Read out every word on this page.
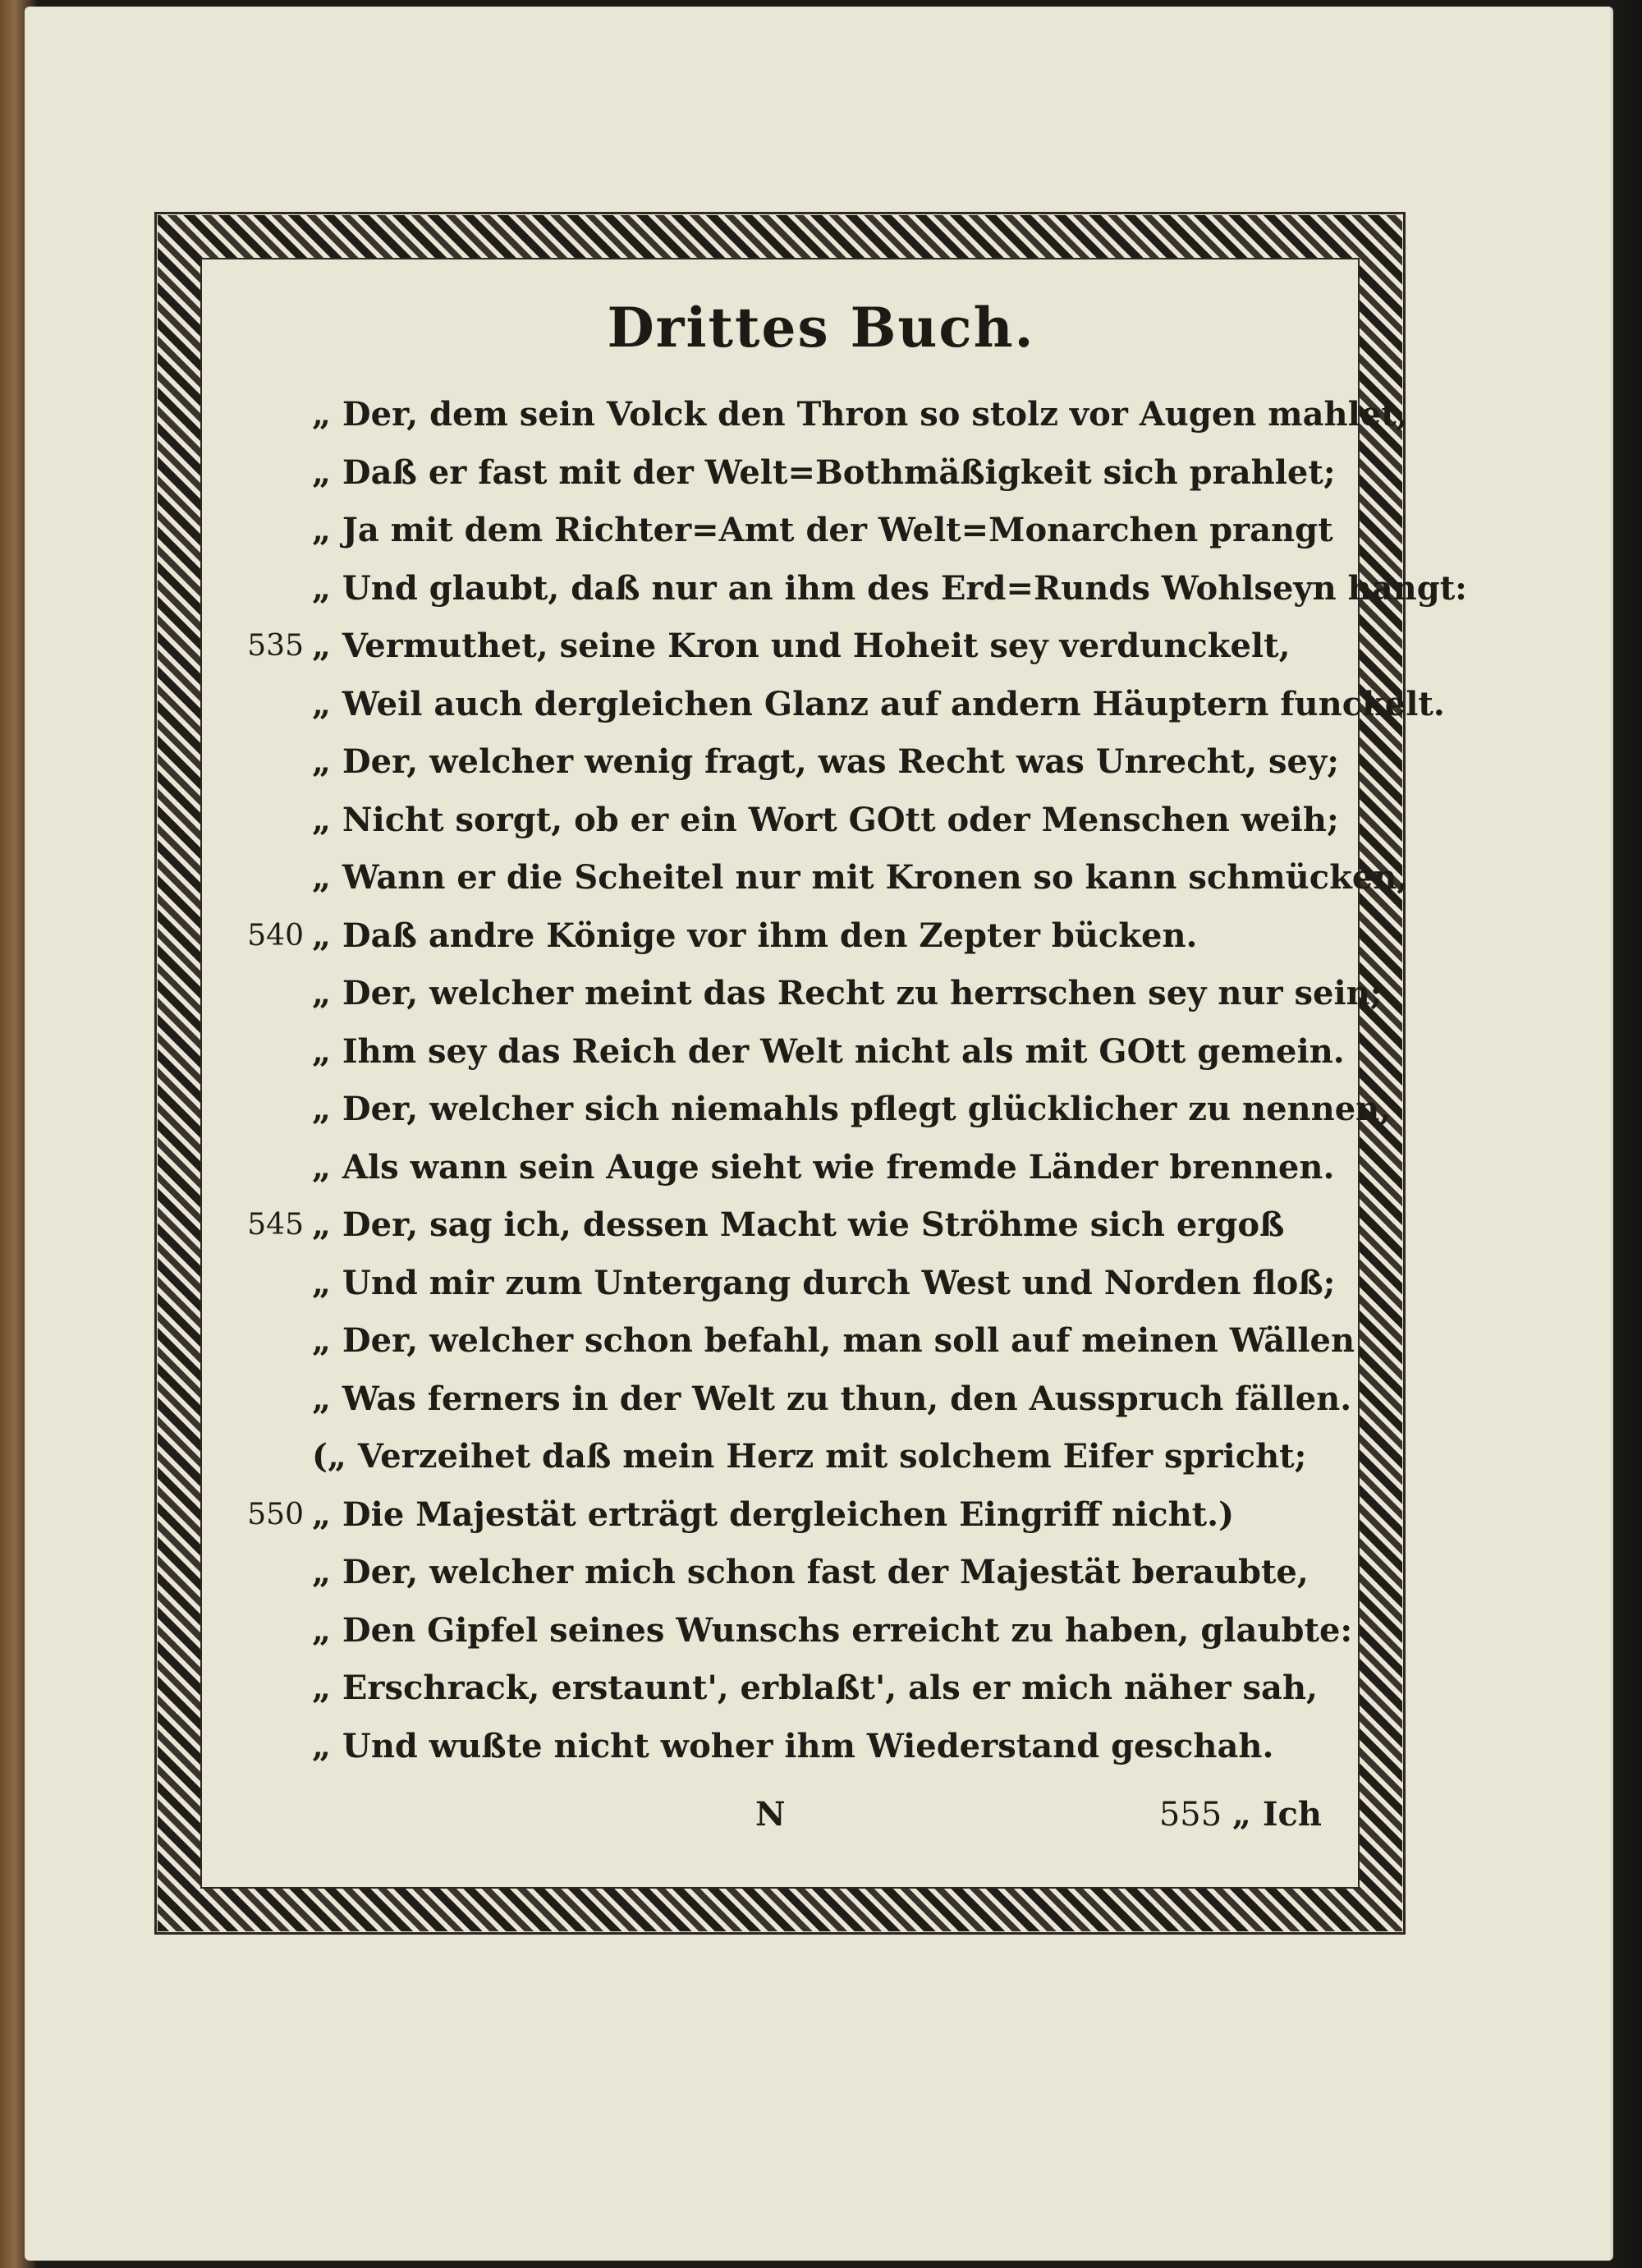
Drittes Buch.
„ Der, dem sein Volck den Thron so stolz vor Augen mahlet,
„ Daß er fast mit der Welt=Bothmäßigkeit sich prahlet;
„ Ja mit dem Richter=Amt der Welt=Monarchen prangt
„ Und glaubt, daß nur an ihm des Erd=Runds Wohlseyn hangt:
535 „ Vermuthet, seine Kron und Hoheit sey verdunckelt,
„ Weil auch dergleichen Glanz auf andern Häuptern funckelt.
„ Der, welcher wenig fragt, was Recht was Unrecht, sey;
„ Nicht sorgt, ob er ein Wort GOtt oder Menschen weih;
„ Wann er die Scheitel nur mit Kronen so kann schmücken,
540 „ Daß andre Könige vor ihm den Zepter bücken.
„ Der, welcher meint das Recht zu herrschen sey nur sein;
„ Ihm sey das Reich der Welt nicht als mit GOtt gemein.
„ Der, welcher sich niemahls pflegt glücklicher zu nennen,
„ Als wann sein Auge sieht wie fremde Länder brennen.
545 „ Der, sag ich, dessen Macht wie Ströhme sich ergoß
„ Und mir zum Untergang durch West und Norden floß;
„ Der, welcher schon befahl, man soll auf meinen Wällen
„ Was ferners in der Welt zu thun, den Ausspruch fällen.
(„ Verzeihet daß mein Herz mit solchem Eifer spricht;
550 „ Die Majestät erträgt dergleichen Eingriff nicht.)
„ Der, welcher mich schon fast der Majestät beraubte,
„ Den Gipfel seines Wunschs erreicht zu haben, glaubte:
„ Erschrack, erstaunt', erblaßt', als er mich näher sah,
„ Und wußte nicht woher ihm Wiederstand geschah.
N	555 „ Ich
